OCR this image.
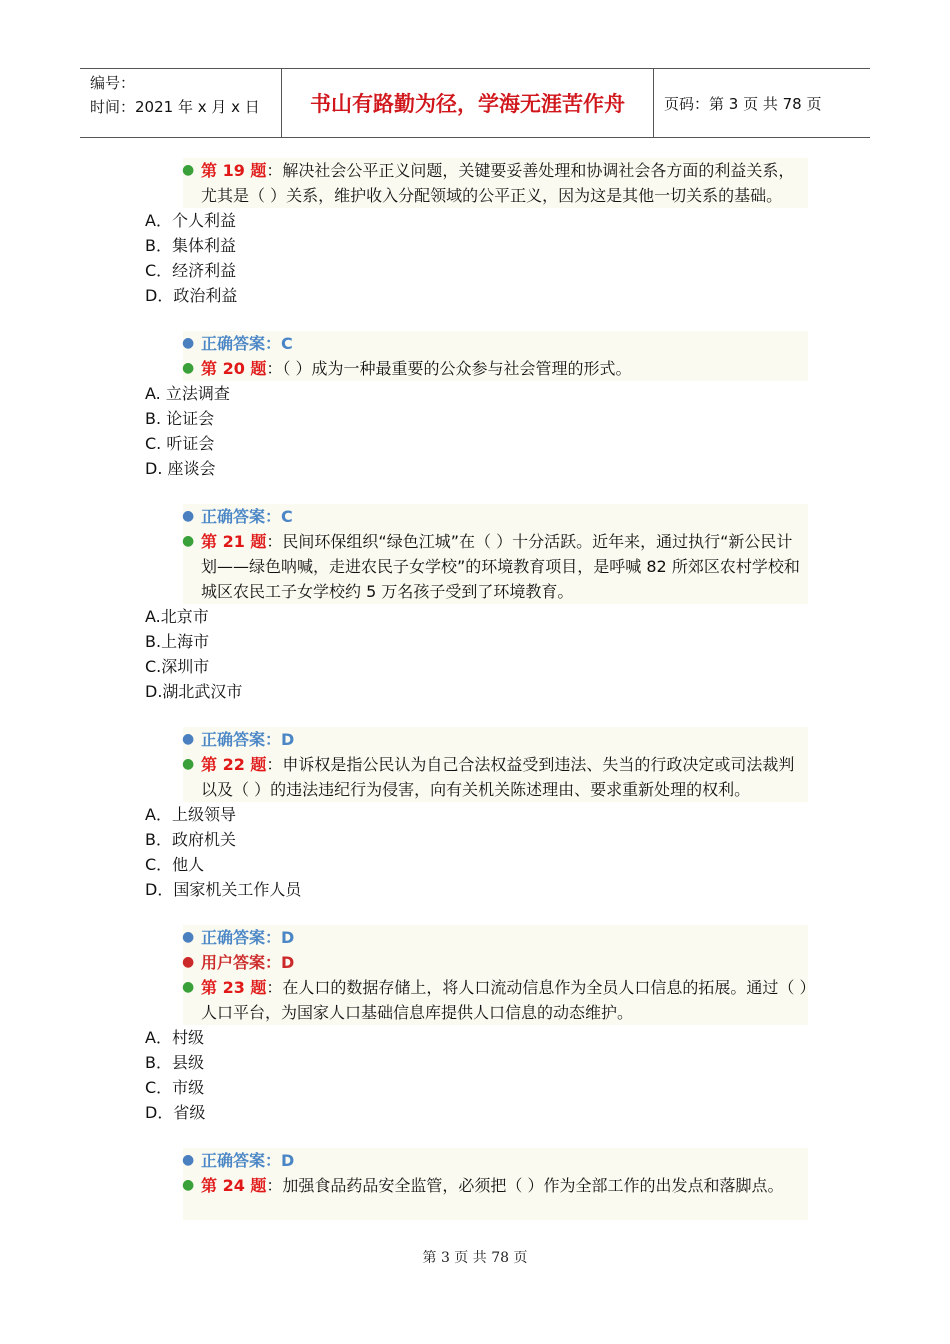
编号：
时间：2021 年 x 月 x 日	书山有路勤为径，学海无涯苦作舟	页码：第 3 页 共 78 页
● 第 19 题：解决社会公平正义问题，关键要妥善处理和协调社会各方面的利益关系，尤其是（ ）关系，维护收入分配领域的公平正义，因为这是其他一切关系的基础。
A．个人利益
B．集体利益
C．经济利益
D．政治利益
● 正确答案：C
● 第 20 题：（ ）成为一种最重要的公众参与社会管理的形式。
A. 立法调查
B. 论证会
C. 听证会
D. 座谈会
● 正确答案：C
● 第 21 题：民间环保组织“绿色江城”在（ ）十分活跃。近年来，通过执行“新公民计划——绿色呐喊，走进农民子女学校”的环境教育项目，是呼喊 82 所郊区农村学校和城区农民工子女学校约 5 万名孩子受到了环境教育。
A.北京市
B.上海市
C.深圳市
D.湖北武汉市
● 正确答案：D
● 第 22 题：申诉权是指公民认为自己合法权益受到违法、失当的行政决定或司法裁判以及（ ）的违法违纪行为侵害，向有关机关陈述理由、要求重新处理的权利。
A．上级领导
B．政府机关
C．他人
D．国家机关工作人员
● 正确答案：D
● 用户答案：D
● 第 23 题：在人口的数据存储上，将人口流动信息作为全员人口信息的拓展。通过（ ）人口平台，为国家人口基础信息库提供人口信息的动态维护。
A．村级
B．县级
C．市级
D．省级
● 正确答案：D
● 第 24 题：加强食品药品安全监管，必须把（ ）作为全部工作的出发点和落脚点。
第 3 页 共 78 页
